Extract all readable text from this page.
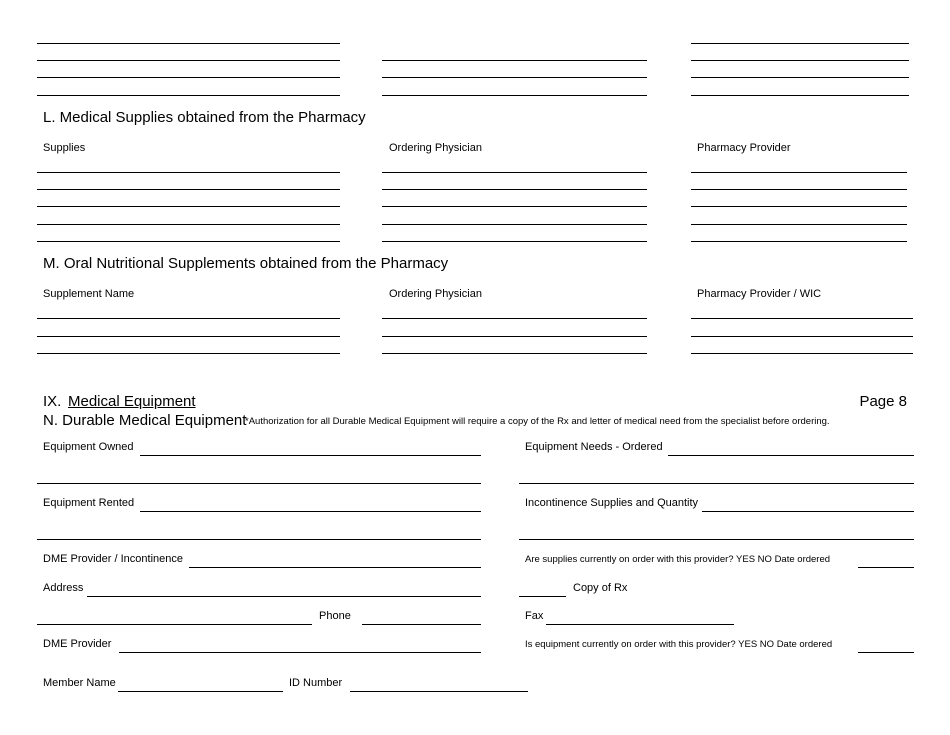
L. Medical Supplies obtained from the Pharmacy
Supplies	Ordering Physician	Pharmacy Provider
M. Oral Nutritional Supplements obtained from the Pharmacy
Supplement Name	Ordering Physician	Pharmacy Provider / WIC
IX. Medical Equipment	Page 8
N. Durable Medical Equipment
*Authorization for all Durable Medical Equipment will require a copy of the Rx and letter of medical need from the specialist before ordering.
Equipment Owned	Equipment Needs - Ordered
Equipment Rented	Incontinence Supplies and Quantity
DME Provider / Incontinence	Are supplies currently on order with this provider? YES NO Date ordered
Address	Copy of Rx
Phone	Fax
DME Provider	Is equipment currently on order with this provider? YES NO Date ordered
Member Name	ID Number
